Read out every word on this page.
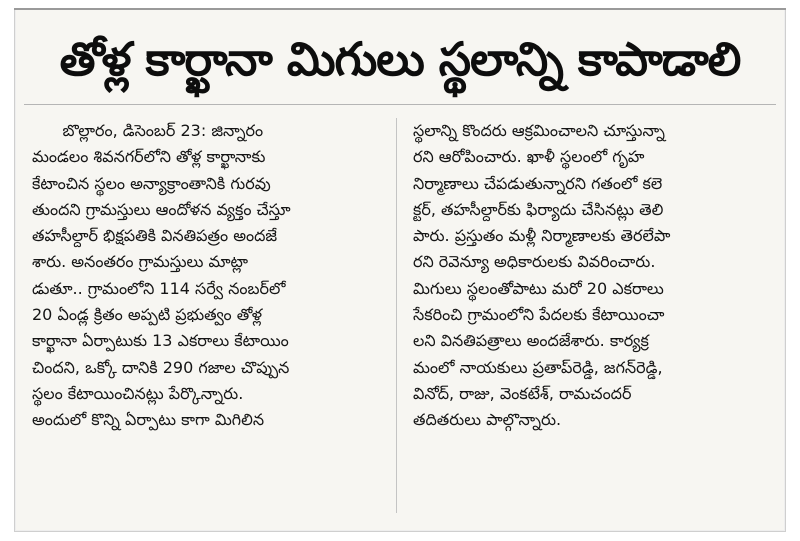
తోళ్ల కార్ఖానా మిగులు స్థలాన్ని కాపాడాలి
బొల్లారం, డిసెంబర్ 23: జిన్నారం
మండలం శివనగర్‌లోని తోళ్ల కార్ఖానాకు
కేటాంచిన స్థలం అన్యాక్రాంతానికి గురవు
తుందని గ్రామస్తులు ఆందోళన వ్యక్తం చేస్తూ
తహసీల్దార్ భిక్షపతికి వినతిపత్రం అందజే
శారు. అనంతరం గ్రామస్తులు మాట్లా
డుతూ.. గ్రామంలోని 114 సర్వే నంబర్‌లో
20 ఏండ్ల క్రితం అప్పటి ప్రభుత్వం తోళ్ల
కార్ఖానా ఏర్పాటుకు 13 ఎకరాలు కేటాయిం
చిందని, ఒక్కో దానికి 290 గజాల చొప్పున
స్థలం కేటాయించినట్లు పేర్కొన్నారు.
అందులో కొన్ని ఏర్పాటు కాగా మిగిలిన
స్థలాన్ని కొందరు ఆక్రమించాలని చూస్తున్నా
రని ఆరోపించారు. ఖాళీ స్థలంలో గృహ
నిర్మాణాలు చేపడుతున్నారని గతంలో కలె
క్టర్, తహసీల్దార్‌కు ఫిర్యాదు చేసినట్లు తెలి
పారు. ప్రస్తుతం మళ్లీ నిర్మాణాలకు తెరలేపా
రని రెవెన్యూ అధికారులకు వివరించారు.
మిగులు స్థలంతోపాటు మరో 20 ఎకరాలు
సేకరించి గ్రామంలోని పేదలకు కేటాయించా
లని వినతిపత్రాలు అందజేశారు. కార్యక్ర
మంలో నాయకులు ప్రతాప్‌రెడ్డి, జగన్‌రెడ్డి,
వినోద్, రాజు, వెంకటేశ్, రామచందర్
తదితరులు పాల్గొన్నారు.
